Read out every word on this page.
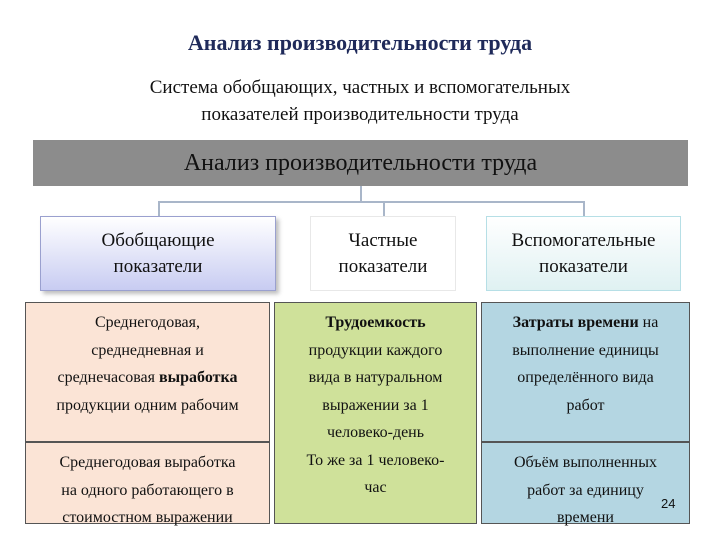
Анализ производительности труда
Система обобщающих, частных и вспомогательных
показателей производительности труда
Анализ производительности труда
Обобщающие
показатели
Частные
показатели
Вспомогательные
показатели
Среднегодовая,
среднедневная и
среднечасовая выработка
продукции одним рабочим
Среднегодовая выработка
на одного работающего в
стоимостном выражении
Трудоемкость
продукции каждого
вида в натуральном
выражении за 1
человеко-день
То же за 1 человеко-
час
Затраты времени на
выполнение единицы
определённого вида
работ
Объём выполненных
работ за единицу
времени
24
